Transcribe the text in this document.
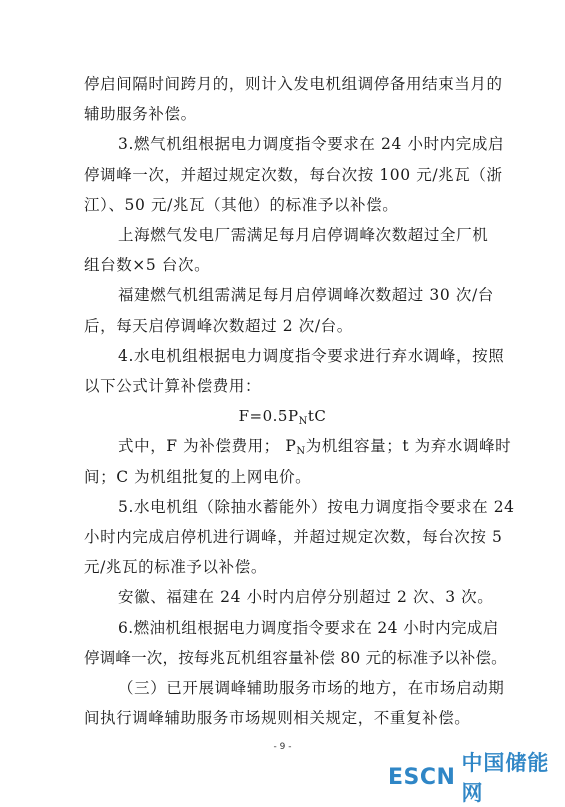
停启间隔时间跨月的，则计入发电机组调停备用结束当月的
辅助服务补偿。
3.燃气机组根据电力调度指令要求在 24 小时内完成启
停调峰一次，并超过规定次数，每台次按 100 元/兆瓦（浙
江）、50 元/兆瓦（其他）的标准予以补偿。
上海燃气发电厂需满足每月启停调峰次数超过全厂机
组台数×5 台次。
福建燃气机组需满足每月启停调峰次数超过 30 次/台
后，每天启停调峰次数超过 2 次/台。
4.水电机组根据电力调度指令要求进行弃水调峰，按照
以下公式计算补偿费用：
$F=0.5P_NtC$
式中，F 为补偿费用； $P_N$为机组容量；t 为弃水调峰时
间；C 为机组批复的上网电价。
5.水电机组（除抽水蓄能外）按电力调度指令要求在 24
小时内完成启停机进行调峰，并超过规定次数，每台次按 5
元/兆瓦的标准予以补偿。
安徽、福建在 24 小时内启停分别超过 2 次、3 次。
6.燃油机组根据电力调度指令要求在 24 小时内完成启
停调峰一次，按每兆瓦机组容量补偿 80 元的标准予以补偿。
- 9 -
（三）已开展调峰辅助服务市场的地方，在市场启动期
间执行调峰辅助服务市场规则相关规定，不重复补偿。
ESCN
中国储能网
